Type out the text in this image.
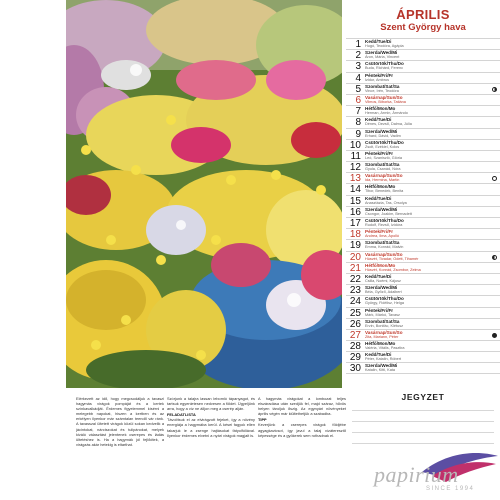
ÁPRILIS
Szent György hava
1 Kedd/Tue/Di
Hugó, Teodóra, Agápia
2 Szerda/Wed/Mi
Áron, Mária, Vincent
3 Csütörtök/Thu/Do
Buda, Richárd, Ferenc
4 Péntek/Fri/Fr
Izidor, Ambrus
5 Szombat/Sat/Sa
Vince, Irén, Teodóra
6 Vasárnap/Sun/So
Vilmos, Bíborka, Tatiána
7 Hétfő/Mon/Mo
Herman, Armin, Ármándo
8 Kedd/Tue/Di
Dénes, Dezső, Dalma, Júlia
9 Szerda/Wed/Mi
Erhard, Dávid, Vadim
10 Csütörtök/Thu/Do
Zsolt, Ezékiel, Kolos
11 Péntek/Fri/Fr
Leó, Szaniszló, Glória
12 Szombat/Sat/Sa
Gyula, Csanád, Nóra
13 Vasárnap/Sun/So
Ida, Hermina, Martin
14 Hétfő/Mon/Mo
Tibor, Benedek, Benita
15 Kedd/Tue/Di
Anasztázia, Tas, Orsolya
16 Szerda/Wed/Mi
Csongor, Joakim, Bernadett
17 Csütörtök/Thu/Do
Rudolf, Rezső, Izidóra
18 Péntek/Fri/Fr
Andrea, Ilma, Apolló
19 Szombat/Sat/Sa
Emma, Konrád, Malvin
20 Vasárnap/Sun/So
Húsvét, Tivadar, Odett, Tihamér
21 Hétfő/Mon/Mo
Húsvét, Konrád, Zsombor, Zelma
22 Kedd/Tue/Di
Csilla, Noémi, Kájusz
23 Szerda/Wed/Mi
Béla, Győző, Adalbert
24 Csütörtök/Thu/Do
György, Fidélisz, Helga
25 Péntek/Fri/Fr
Márk, Márkó, Tavasz
26 Szombat/Sat/Sa
Ervin, Bonifác, Klétusz
27 Vasárnap/Sun/So
Zita, Mariann, Péter
28 Hétfő/Mon/Mo
Valéria, Vitális, Pasztira
29 Kedd/Tue/Di
Péter, Katalin, Róbert
30 Szerda/Wed/Mi
Katalin, Kitti, Kata
JEGYZET
Elérkezett az idő, hogy megcsodáljuk a tavaszi hagymás virágok pompáját és a kertek színkavalkádját. Érdemes figyelemmel kísérni a melegebb napokat, hiszen a kertben és az erkélyen ilyenkor már számtalan teendő vár ránk. A tavasszal ültetett virágok közül sokan kedvelik a jácintokat, nárciszokat és tulipánokat, melyek kiváló választást jelentenek cserepes és ládás ültetéshez is. Ha a hagymák jól fejlődtek, a virágzás akár hetekig is eltarthat.
Szórjunk a talajra lassan lebomló tápanyagot, és tartsuk egyenletesen nedvesen a földet. Ügyeljünk arra, hogy a víz ne álljon meg a cserép alján.
FELADATLISTA
Távolítsuk el az elvirágzott fejeket, így a növény energiája a hagymába kerül. A kései fagyok ellen takarjuk le a zsenge hajtásokat fátyolfóliával. Ilyenkor érdemes elvetni a nyári virágok magjait is.
A hagymás virágokat a lombozat teljes elszáradása után szedjük fel, majd száraz, hűvös helyen tároljuk őszig. Az egynyári növényeket április végén már kiültethetjük a szabadba.
TIPP
Keverjünk a cserepes virágok földjébe agyagkavicsot, így javul a talaj vízáteresztő képessége és a gyökerek sem rothadnak el.
papirium
SINCE 1994
